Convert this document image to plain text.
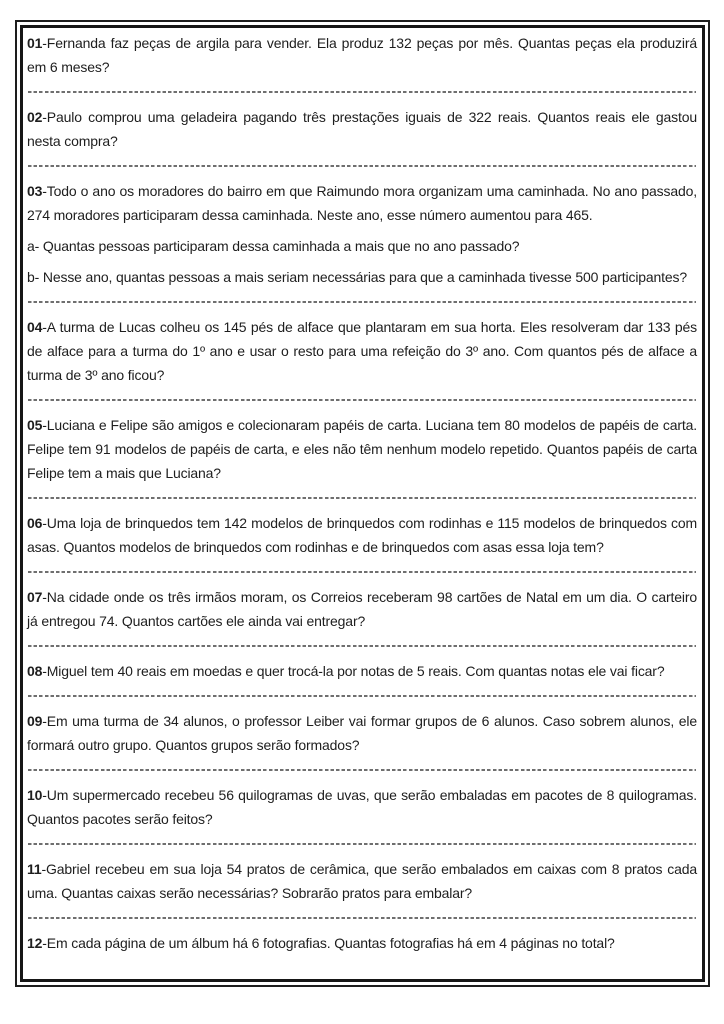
01-Fernanda faz peças de argila para vender. Ela produz 132 peças por mês. Quantas peças ela produzirá em 6 meses?

02-Paulo comprou uma geladeira pagando três prestações iguais de 322 reais. Quantos reais ele gastou nesta compra?

03-Todo o ano os moradores do bairro em que Raimundo mora organizam uma caminhada. No ano passado, 274 moradores participaram dessa caminhada. Neste ano, esse número aumentou para 465.

a- Quantas pessoas participaram dessa caminhada a mais que no ano passado?

b- Nesse ano, quantas pessoas a mais seriam necessárias para que a caminhada tivesse 500 participantes?

04-A turma de Lucas colheu os 145 pés de alface que plantaram em sua horta. Eles resolveram dar 133 pés de alface para a turma do 1º ano e usar o resto para uma refeição do 3º ano. Com quantos pés de alface a turma de 3º ano ficou?

05-Luciana e Felipe são amigos e colecionaram papéis de carta. Luciana tem 80 modelos de papéis de carta. Felipe tem 91 modelos de papéis de carta, e eles não têm nenhum modelo repetido. Quantos papéis de carta Felipe tem a mais que Luciana?

06-Uma loja de brinquedos tem 142 modelos de brinquedos com rodinhas e 115 modelos de brinquedos com asas. Quantos modelos de brinquedos com rodinhas e de brinquedos com asas essa loja tem?

07-Na cidade onde os três irmãos moram, os Correios receberam 98 cartões de Natal em um dia. O carteiro já entregou 74. Quantos cartões ele ainda vai entregar?

08-Miguel tem 40 reais em moedas e quer trocá-la por notas de 5 reais. Com quantas notas ele vai ficar?

09-Em uma turma de 34 alunos, o professor Leiber vai formar grupos de 6 alunos. Caso sobrem alunos, ele formará outro grupo. Quantos grupos serão formados?

10-Um supermercado recebeu 56 quilogramas de uvas, que serão embaladas em pacotes de 8 quilogramas. Quantos pacotes serão feitos?

11-Gabriel recebeu em sua loja 54 pratos de cerâmica, que serão embalados em caixas com 8 pratos cada uma. Quantas caixas serão necessárias? Sobrarão pratos para embalar?

12-Em cada página de um álbum há 6 fotografias. Quantas fotografias há em 4 páginas no total?
